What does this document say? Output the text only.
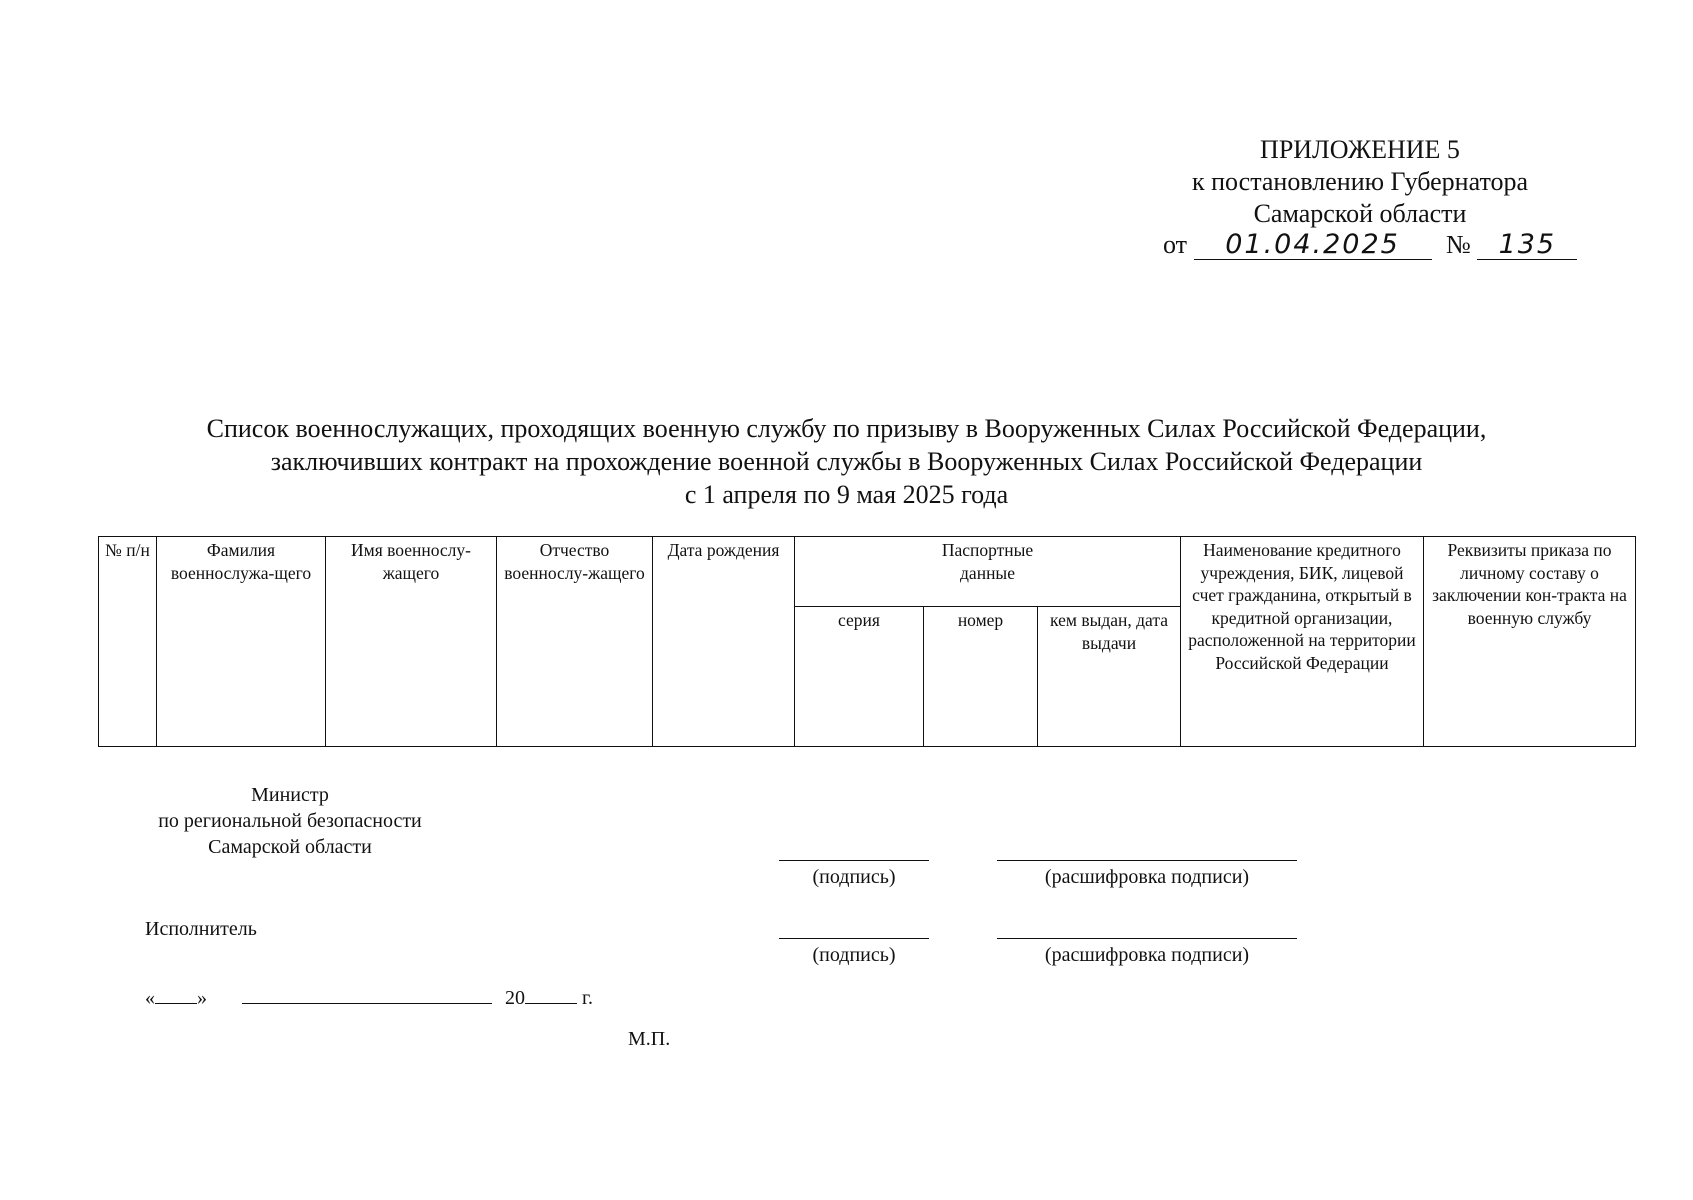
ПРИЛОЖЕНИЕ 5
к постановлению Губернатора
Самарской области
от 01.04.2025 № 135
Список военнослужащих, проходящих военную службу по призыву в Вооруженных Силах Российской Федерации,
заключивших контракт на прохождение военной службы в Вооруженных Силах Российской Федерации
с 1 апреля по 9 мая 2025 года
№ п/н	Фамилия военнослужа-щего	Имя военнослу-жащего	Отчество военнослу-жащего	Дата рождения	Паспортные данные			Наименование кредитного учреждения, БИК, лицевой счет гражданина, открытый в кредитной организации, расположенной на территории Российской Федерации	Реквизиты приказа по личному составу о заключении кон-тракта на военную службу
					серия	номер	кем выдан, дата выдачи		
Министр
по региональной безопасности
Самарской области
(подпись)	(расшифровка подписи)
Исполнитель
(подпись)	(расшифровка подписи)
« »	20	г.
М.П.
